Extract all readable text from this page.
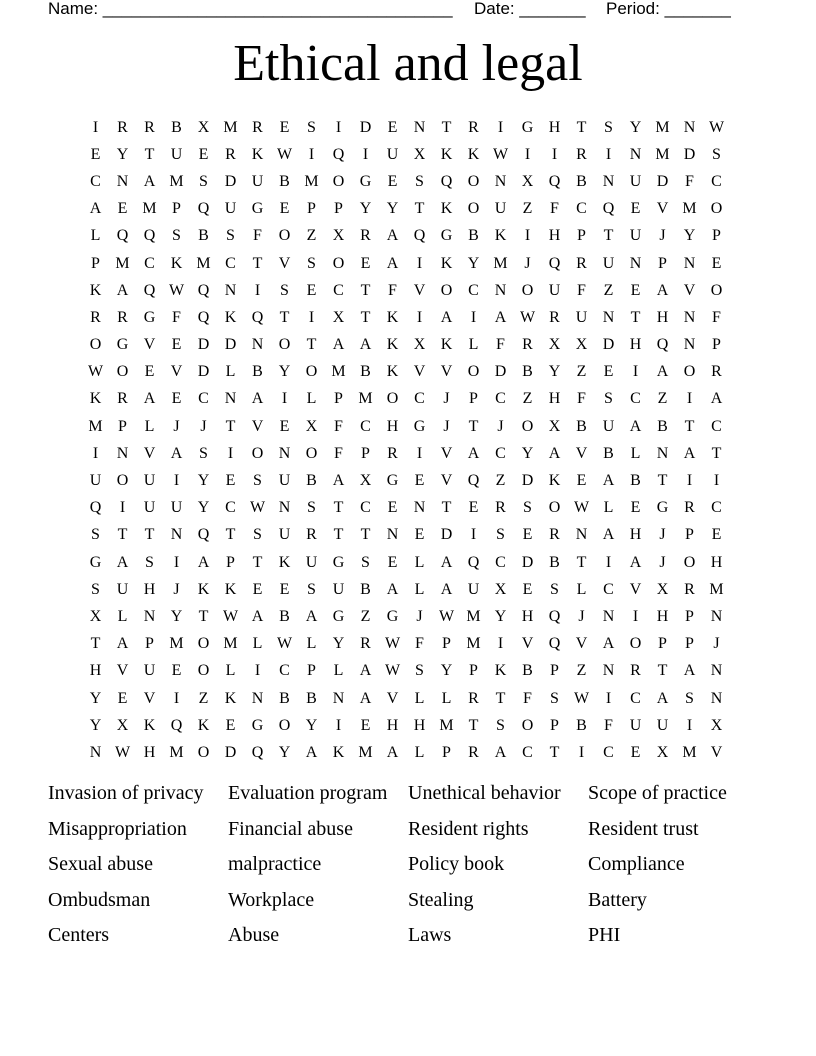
Name: _____________________________________ Date: _______ Period: _______
Ethical and legal
I	R	R	B X M R	E	S	I	D	E	N	T	R	I	G H	T	S	Y M N W
E	Y	T	U	E	R K W	I	Q	I	U X K K W	I	I	R	I	N M D	S
C N A M S	D U B M O G	E	S	Q O N X Q B N U D	F	C
A	E M P	Q U G	E	P	P	Y Y	T	K O U	Z	F	C Q	E	V M O
L	Q Q	S	B	S	F	O	Z	X R A Q G B K	I	H	P	T	U	J	Y	P
P M C K M C	T	V	S	O	E	A	I	K Y M	J	Q R U N	P	N	E
K A Q W Q N	I	S	E	C	T	F	V O C N O U	F	Z	E	A V O
R	R G	F	Q K Q	T	I	X	T	K	I	A	I	A W R U N	T	H N	F
O G V	E	D D N O	T	A A K X K	L	F	R X X D H Q N	P
W O	E	V D	L	B Y O M B K V V O D B Y	Z	E	I	A O R
K R A	E	C N A	I	L	P M O C	J	P	C	Z	H	F	S	C	Z	I	A
M P	L	J	J	T	V	E	X	F	C H G	J	T	J	O X B U A B	T	C
I	N V A	S	I	O N O	F	P	R	I	V A C Y A V B	L	N A	T
U O U	I	Y	E	S	U B A X G	E	V Q	Z	D K	E	A B	T	I	I
Q	I	U U Y C W N	S	T	C	E	N	T	E	R	S	O W L	E	G R	C
S	T	T	N Q	T	S	U R	T	T	N	E	D	I	S	E	R N A H	J	P	E
G A	S	I	A	P	T	K U G	S	E	L	A Q C D B	T	I	A	J	O H
S	U H	J	K K	E	E	S	U B A	L	A U X	E	S	L	C V X R M
X	L	N Y	T W A B A G	Z	G	J	W M Y H Q	J	N	I	H	P	N
T	A	P M O M L W L	Y R W F	P M	I	V Q V A O	P	P	J
H V U	E	O	L	I	C	P	L	A W S	Y	P	K B	P	Z	N R	T	A N
Y	E	V	I	Z	K N B	B N A V	L	L	R	T	F	S W	I	C A	S	N
Y X K Q K	E	G O Y	I	E	H H M T	S	O	P	B	F	U U	I	X
N W H M O D Q Y A K M A	L	P	R A C	T	I	C	E	X M V
Invasion of privacy	Evaluation program	Unethical behavior	Scope of practice
Misappropriation	Financial abuse	Resident rights	Resident trust
Sexual abuse	malpractice	Policy book	Compliance
Ombudsman	Workplace	Stealing	Battery
Centers	Abuse	Laws	PHI
